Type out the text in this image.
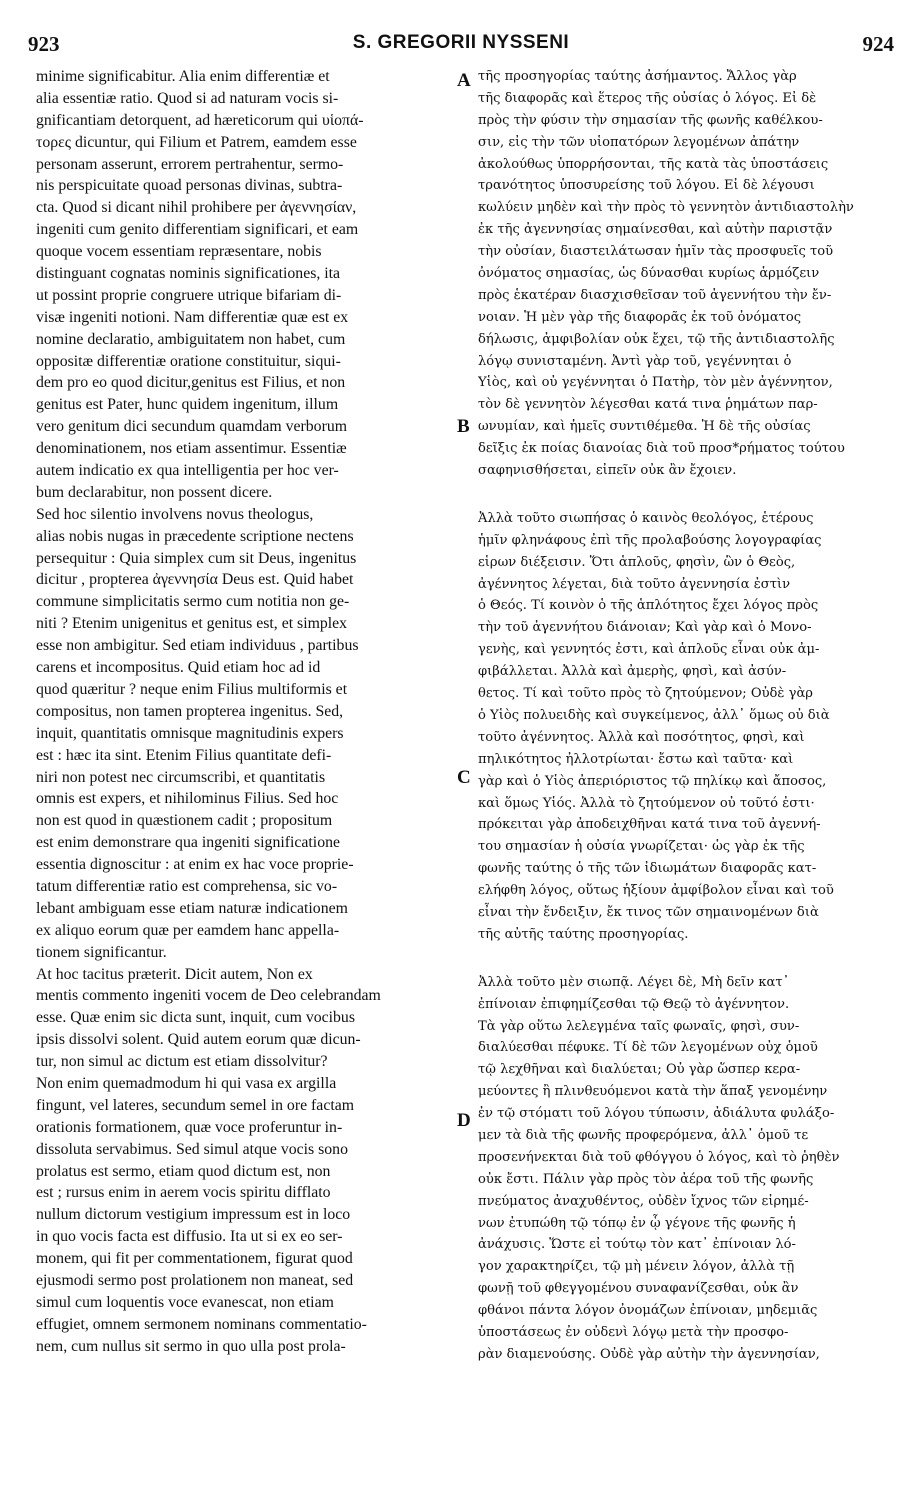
923	S. GREGORII NYSSENI	924
minime significabitur. Alia enim differentiæ et
alia essentiæ ratio. Quod si ad naturam vocis si-
gnificantiam detorquent, ad hæreticorum qui υἱοπά-
τορες dicuntur, qui Filium et Patrem, eamdem esse
personam asserunt, errorem pertrahentur, sermo-
nis perspicuitate quoad personas divinas, subtra-
cta. Quod si dicant nihil prohibere per ἀγεννησίαν,
ingeniti cum genito differentiam significari, et eam
quoque vocem essentiam repræsentare, nobis
distinguant cognatas nominis significationes, ita
ut possint proprie congruere utrique bifariam di-
visæ ingeniti notioni. Nam differentiæ quæ est ex
nomine declaratio, ambiguitatem non habet, cum
oppositæ differentiæ oratione constituitur, siqui-
dem pro eo quod dicitur,genitus est Filius, et non
genitus est Pater, hunc quidem ingenitum, illum
vero genitum dici secundum quamdam verborum
denominationem, nos etiam assentimur. Essentiæ
autem indicatio ex qua intelligentia per hoc ver-
bum declarabitur, non possent dicere.
Sed hoc silentio involvens novus theologus,
alias nobis nugas in præcedente scriptione nectens
persequitur : Quia simplex cum sit Deus, ingenitus
dicitur , propterea ἀγεννησία Deus est. Quid habet
commune simplicitatis sermo cum notitia non ge-
niti ? Etenim unigenitus et genitus est, et simplex
esse non ambigitur. Sed etiam individuus , partibus
carens et incompositus. Quid etiam hoc ad id
quod quæritur ? neque enim Filius multiformis et
compositus, non tamen propterea ingenitus. Sed,
inquit, quantitatis omnisque magnitudinis expers
est : hæc ita sint. Etenim Filius quantitate defi-
niri non potest nec circumscribi, et quantitatis
omnis est expers, et nihilominus Filius. Sed hoc
non est quod in quæstionem cadit ; propositum
est enim demonstrare qua ingeniti significatione
essentia dignoscitur : at enim ex hac voce proprie-
tatum differentiæ ratio est comprehensa, sic vo-
lebant ambiguam esse etiam naturæ indicationem
ex aliquo eorum quæ per eamdem hanc appella-
tionem significantur.
At hoc tacitus præterit. Dicit autem, Non ex
mentis commento ingeniti vocem de Deo celebrandam
esse. Quæ enim sic dicta sunt, inquit, cum vocibus
ipsis dissolvi solent. Quid autem eorum quæ dicun-
tur, non simul ac dictum est etiam dissolvitur?
Non enim quemadmodum hi qui vasa ex argilla
fingunt, vel lateres, secundum semel in ore factam
orationis formationem, quæ voce proferuntur in-
dissoluta servabimus. Sed simul atque vocis sono
prolatus est sermo, etiam quod dictum est, non
est ; rursus enim in aerem vocis spiritu difflato
nullum dictorum vestigium impressum est in loco
in quo vocis facta est diffusio. Ita ut si ex eo ser-
monem, qui fit per commentationem, figurat quod
ejusmodi sermo post prolationem non maneat, sed
simul cum loquentis voce evanescat, non etiam
effugiet, omnem sermonem nominans commentatio-
nem, cum nullus sit sermo in quo ulla post prola-
τῆς προσηγορίας ταύτης ἀσήμαντος. Ἄλλος γὰρ
τῆς διαφορᾶς καὶ ἕτερος τῆς οὐσίας ὁ λόγος. Εἰ δὲ
πρὸς τὴν φύσιν τὴν σημασίαν τῆς φωνῆς καθέλκου-
σιν, εἰς τὴν τῶν υἱοπατόρων λεγομένων ἀπάτην
ἀκολούθως ὑπορρήσονται, τῆς κατὰ τὰς ὑποστάσεις
τρανότητος ὑποσυρείσης τοῦ λόγου. Εἰ δὲ λέγουσι
κωλύειν μηδὲν καὶ τὴν πρὸς τὸ γεννητὸν ἀντιδιαστολὴν
ἐκ τῆς ἀγεννησίας σημαίνεσθαι, καὶ αὐτὴν παριστᾷν
τὴν οὐσίαν, διαστειλάτωσαν ἡμῖν τὰς προσφυεῖς τοῦ
ὀνόματος σημασίας, ὡς δύνασθαι κυρίως ἁρμόζειν
πρὸς ἑκατέραν διασχισθεῖσαν τοῦ ἀγεννήτου τὴν ἔν-
νοιαν. Ἡ μὲν γὰρ τῆς διαφορᾶς ἐκ τοῦ ὀνόματος
δήλωσις, ἀμφιβολίαν οὐκ ἔχει, τῷ τῆς ἀντιδιαστολῆς
λόγῳ συνισταμένη. Ἀντὶ γὰρ τοῦ, γεγέννηται ὁ
Υἱὸς, καὶ οὐ γεγέννηται ὁ Πατὴρ, τὸν μὲν ἀγέννητον,
τὸν δὲ γεννητὸν λέγεσθαι κατά τινα ῥημάτων παρ-
ωνυμίαν, καὶ ἡμεῖς συντιθέμεθα. Ἡ δὲ τῆς οὐσίας
δεῖξις ἐκ ποίας διανοίας διὰ τοῦ προσ*ρήματος τούτου
σαφηνισθήσεται, εἰπεῖν οὐκ ἂν ἔχοιεν.
Ἀλλὰ τοῦτο σιωπήσας ὁ καινὸς θεολόγος, ἑτέρους
ἡμῖν φληνάφους ἐπὶ τῆς προλαβούσης λογογραφίας
εἱρων διέξεισιν. Ὅτι ἁπλοῦς, φησὶν, ὢν ὁ Θεὸς,
ἀγέννητος λέγεται, διὰ τοῦτο ἀγεννησία ἐστὶν
ὁ Θεός. Τί κοινὸν ὁ τῆς ἁπλότητος ἔχει λόγος πρὸς
τὴν τοῦ ἀγεννήτου διάνοιαν; Καὶ γὰρ καὶ ὁ Μονο-
γενὴς, καὶ γεννητός ἐστι, καὶ ἁπλοῦς εἶναι οὐκ ἀμ-
φιβάλλεται. Ἀλλὰ καὶ ἀμερὴς, φησὶ, καὶ ἀσύν-
θετος. Τί καὶ τοῦτο πρὸς τὸ ζητούμενον; Οὐδὲ γὰρ
ὁ Υἱὸς πολυειδὴς καὶ συγκείμενος, ἀλλ᾽ ὅμως οὐ διὰ
τοῦτο ἀγέννητος. Ἀλλὰ καὶ ποσότητος, φησὶ, καὶ
πηλικότητος ἠλλοτρίωται· ἔστω καὶ ταῦτα· καὶ
γὰρ καὶ ὁ Υἱὸς ἀπεριόριστος τῷ πηλίκῳ καὶ ἄποσος,
καὶ ὅμως Υἱός. Ἀλλὰ τὸ ζητούμενον οὐ τοῦτό ἐστι·
πρόκειται γὰρ ἀποδειχθῆναι κατά τινα τοῦ ἀγεννή-
του σημασίαν ἡ οὐσία γνωρίζεται· ὡς γὰρ ἐκ τῆς
φωνῆς ταύτης ὁ τῆς τῶν ἰδιωμάτων διαφορᾶς κατ-
ελήφθη λόγος, οὕτως ἠξίουν ἀμφίβολον εἶναι καὶ τοῦ
εἶναι τὴν ἔνδειξιν, ἔκ τινος τῶν σημαινομένων διὰ
τῆς αὐτῆς ταύτης προσηγορίας.
Ἀλλὰ τοῦτο μὲν σιωπᾷ. Λέγει δὲ, Μὴ δεῖν κατ᾽
ἐπίνοιαν ἐπιφημίζεσθαι τῷ Θεῷ τὸ ἀγέννητον.
Τὰ γὰρ οὕτω λελεγμένα ταῖς φωναῖς, φησὶ, συν-
διαλύεσθαι πέφυκε. Τί δὲ τῶν λεγομένων οὐχ ὁμοῦ
τῷ λεχθῆναι καὶ διαλύεται; Οὐ γὰρ ὥσπερ κερα-
μεύοντες ἢ πλινθευόμενοι κατὰ τὴν ἅπαξ γενομένην
ἐν τῷ στόματι τοῦ λόγου τύπωσιν, ἀδιάλυτα φυλάξο-
μεν τὰ διὰ τῆς φωνῆς προφερόμενα, ἀλλ᾽ ὁμοῦ τε
προσενήνεκται διὰ τοῦ φθόγγου ὁ λόγος, καὶ τὸ ῥηθὲν
οὐκ ἔστι. Πάλιν γὰρ πρὸς τὸν ἀέρα τοῦ τῆς φωνῆς
πνεύματος ἀναχυθέντος, οὐδὲν ἴχνος τῶν εἰρημέ-
νων ἐτυπώθη τῷ τόπῳ ἐν ᾧ γέγονε τῆς φωνῆς ἡ
ἀνάχυσις. Ὥστε εἰ τούτῳ τὸν κατ᾽ ἐπίνοιαν λό-
γον χαρακτηρίζει, τῷ μὴ μένειν λόγον, ἀλλὰ τῇ
φωνῇ τοῦ φθεγγομένου συναφανίζεσθαι, οὐκ ἂν
φθάνοι πάντα λόγον ὀνομάζων ἐπίνοιαν, μηδεμιᾶς
ὑποστάσεως ἐν οὐδενὶ λόγῳ μετὰ τὴν προσφο-
ρὰν διαμενούσης. Οὐδὲ γὰρ αὐτὴν τὴν ἀγεννησίαν,
A
B
C
D
